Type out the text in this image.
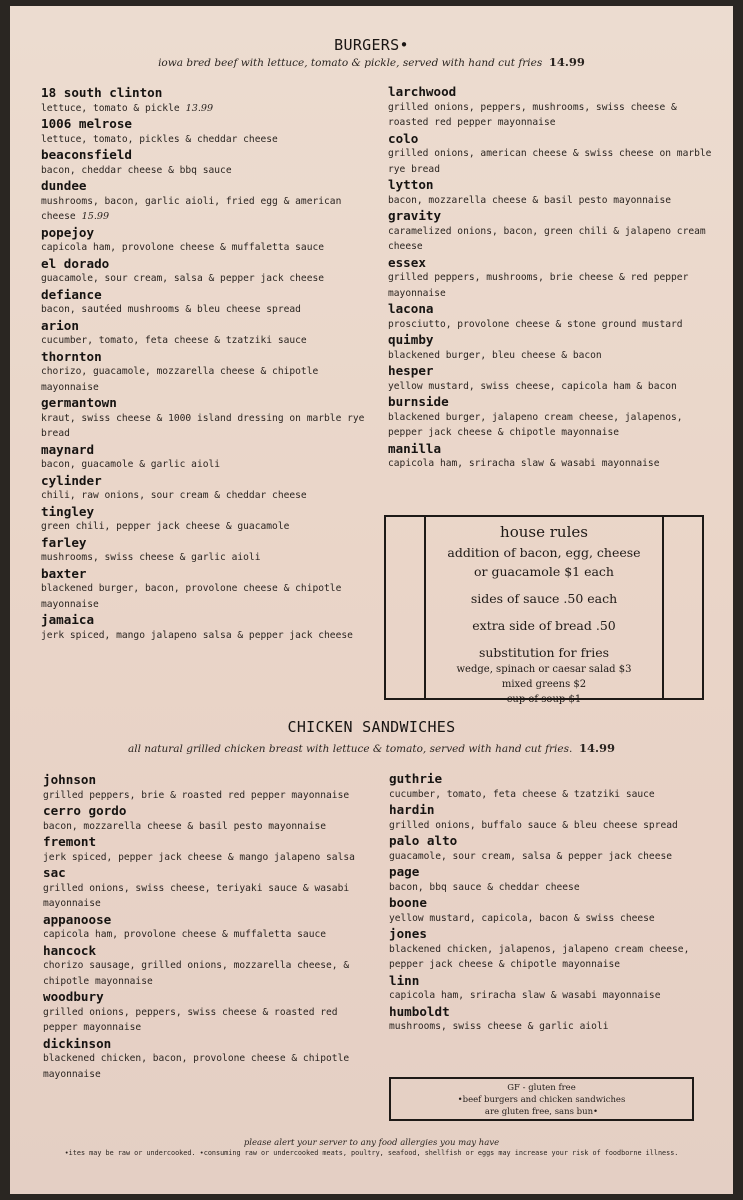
BURGERS•
iowa bred beef with lettuce, tomato & pickle, served with hand cut fries 14.99
18 south clinton
lettuce, tomato & pickle 13.99
1006 melrose
lettuce, tomato, pickles & cheddar cheese
beaconsfield
bacon, cheddar cheese & bbq sauce
dundee
mushrooms, bacon, garlic aioli, fried egg & american cheese 15.99
popejoy
capicola ham, provolone cheese & muffaletta sauce
el dorado
guacamole, sour cream, salsa & pepper jack cheese
defiance
bacon, sautéed mushrooms & bleu cheese spread
arion
cucumber, tomato, feta cheese & tzatziki sauce
thornton
chorizo, guacamole, mozzarella cheese & chipotle mayonnaise
germantown
kraut, swiss cheese & 1000 island dressing on marble rye bread
maynard
bacon, guacamole & garlic aioli
cylinder
chili, raw onions, sour cream & cheddar cheese
tingley
green chili, pepper jack cheese & guacamole
farley
mushrooms, swiss cheese & garlic aioli
baxter
blackened burger, bacon, provolone cheese & chipotle mayonnaise
jamaica
jerk spiced, mango jalapeno salsa & pepper jack cheese
larchwood
grilled onions, peppers, mushrooms, swiss cheese & roasted red pepper mayonnaise
colo
grilled onions, american cheese & swiss cheese on marble rye bread
lytton
bacon, mozzarella cheese & basil pesto mayonnaise
gravity
caramelized onions, bacon, green chili & jalapeno cream cheese
essex
grilled peppers, mushrooms, brie cheese & red pepper mayonnaise
lacona
prosciutto, provolone cheese & stone ground mustard
quimby
blackened burger, bleu cheese & bacon
hesper
yellow mustard, swiss cheese, capicola ham & bacon
burnside
blackened burger, jalapeno cream cheese, jalapenos, pepper jack cheese & chipotle mayonnaise
manilla
capicola ham, sriracha slaw & wasabi mayonnaise
house rules
addition of bacon, egg, cheese
or guacamole $1 each
sides of sauce .50 each
extra side of bread .50
substitution for fries
wedge, spinach or caesar salad $3
mixed greens $2
cup of soup $1
CHICKEN SANDWICHES
all natural grilled chicken breast with lettuce & tomato, served with hand cut fries. 14.99
johnson
grilled peppers, brie & roasted red pepper mayonnaise
cerro gordo
bacon, mozzarella cheese & basil pesto mayonnaise
fremont
jerk spiced, pepper jack cheese & mango jalapeno salsa
sac
grilled onions, swiss cheese, teriyaki sauce & wasabi mayonnaise
appanoose
capicola ham, provolone cheese & muffaletta sauce
hancock
chorizo sausage, grilled onions, mozzarella cheese, & chipotle mayonnaise
woodbury
grilled onions, peppers, swiss cheese & roasted red pepper mayonnaise
dickinson
blackened chicken, bacon, provolone cheese & chipotle mayonnaise
guthrie
cucumber, tomato, feta cheese & tzatziki sauce
hardin
grilled onions, buffalo sauce & bleu cheese spread
palo alto
guacamole, sour cream, salsa & pepper jack cheese
page
bacon, bbq sauce & cheddar cheese
boone
yellow mustard, capicola, bacon & swiss cheese
jones
blackened chicken, jalapenos, jalapeno cream cheese, pepper jack cheese & chipotle mayonnaise
linn
capicola ham, sriracha slaw & wasabi mayonnaise
humboldt
mushrooms, swiss cheese & garlic aioli
GF - gluten free
•beef burgers and chicken sandwiches
are gluten free, sans bun•
please alert your server to any food allergies you may have
•ites may be raw or undercooked. •consuming raw or undercooked meats, poultry, seafood, shellfish or eggs may increase your risk of foodborne illness.
